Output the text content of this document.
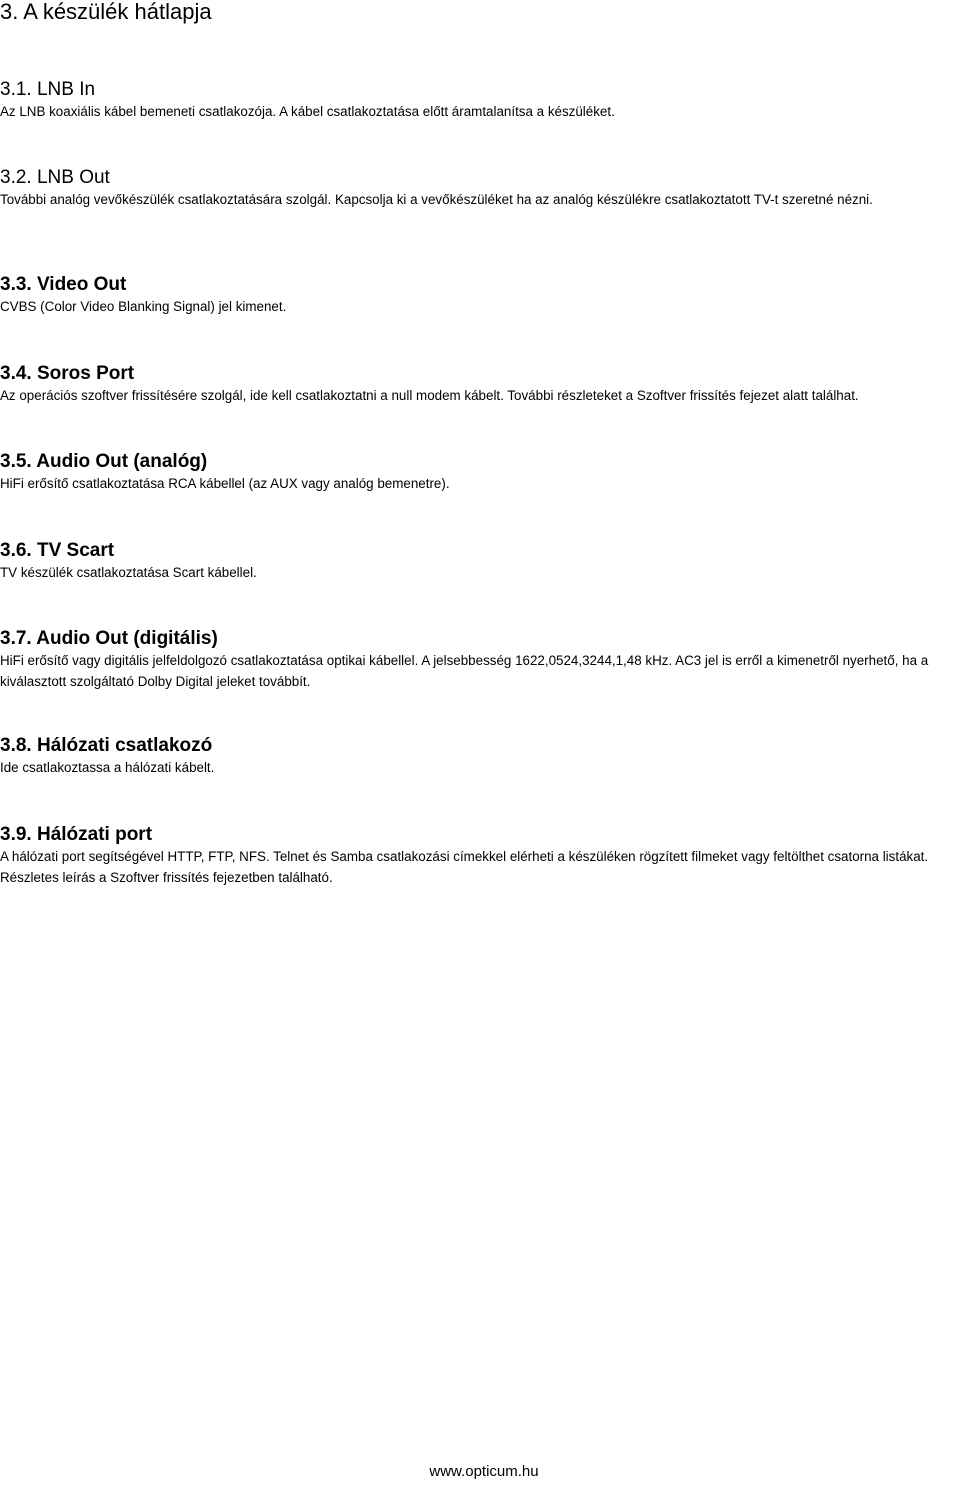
3. A készülék hátlapja
3.1. LNB In

Az LNB koaxiális kábel bemeneti csatlakozója. A kábel csatlakoztatása előtt áramtalanítsa a készüléket.

3.2. LNB Out

További analóg vevőkészülék csatlakoztatására szolgál. Kapcsolja ki a vevőkészüléket ha az analóg készülékre csatlakoztatott TV-t szeretné nézni.

3.3. Video Out

CVBS (Color Video Blanking Signal) jel kimenet.

3.4. Soros Port

Az operációs szoftver frissítésére szolgál, ide kell csatlakoztatni a null modem kábelt. További részleteket a Szoftver frissítés fejezet alatt találhat.

3.5. Audio Out (analóg)

HiFi erősítő csatlakoztatása RCA kábellel (az AUX vagy analóg bemenetre).

3.6. TV Scart

TV készülék csatlakoztatása Scart kábellel.

3.7. Audio Out (digitális)

HiFi erősítő vagy digitális jelfeldolgozó csatlakoztatása optikai kábellel. A jelsebbesség 1622,0524,3244,1,48 kHz. AC3 jel is erről a kimenetről nyerhető, ha a kiválasztott szolgáltató Dolby Digital jeleket továbbít.

3.8. Hálózati csatlakozó

Ide csatlakoztassa a hálózati kábelt.

3.9. Hálózati port

A hálózati port segítségével HTTP, FTP, NFS. Telnet és Samba csatlakozási címekkel elérheti a készüléken rögzített filmeket vagy feltölthet csatorna listákat. Részletes leírás a Szoftver frissítés fejezetben található.

www.opticum.hu
